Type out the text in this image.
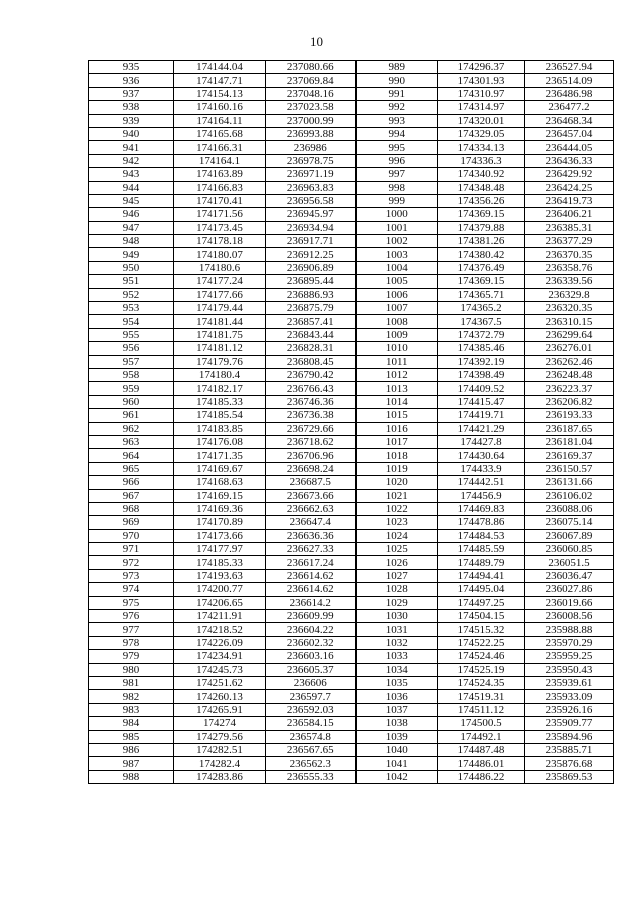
10
935	174144.04	237080.66	989	174296.37	236527.94
936	174147.71	237069.84	990	174301.93	236514.09
937	174154.13	237048.16	991	174310.97	236486.98
938	174160.16	237023.58	992	174314.97	236477.2
939	174164.11	237000.99	993	174320.01	236468.34
940	174165.68	236993.88	994	174329.05	236457.04
941	174166.31	236986	995	174334.13	236444.05
942	174164.1	236978.75	996	174336.3	236436.33
943	174163.89	236971.19	997	174340.92	236429.92
944	174166.83	236963.83	998	174348.48	236424.25
945	174170.41	236956.58	999	174356.26	236419.73
946	174171.56	236945.97	1000	174369.15	236406.21
947	174173.45	236934.94	1001	174379.88	236385.31
948	174178.18	236917.71	1002	174381.26	236377.29
949	174180.07	236912.25	1003	174380.42	236370.35
950	174180.6	236906.89	1004	174376.49	236358.76
951	174177.24	236895.44	1005	174369.15	236339.56
952	174177.66	236886.93	1006	174365.71	236329.8
953	174179.44	236875.79	1007	174365.2	236320.35
954	174181.44	236857.41	1008	174367.5	236310.15
955	174181.75	236843.44	1009	174372.79	236299.64
956	174181.12	236828.31	1010	174385.46	236276.01
957	174179.76	236808.45	1011	174392.19	236262.46
958	174180.4	236790.42	1012	174398.49	236248.48
959	174182.17	236766.43	1013	174409.52	236223.37
960	174185.33	236746.36	1014	174415.47	236206.82
961	174185.54	236736.38	1015	174419.71	236193.33
962	174183.85	236729.66	1016	174421.29	236187.65
963	174176.08	236718.62	1017	174427.8	236181.04
964	174171.35	236706.96	1018	174430.64	236169.37
965	174169.67	236698.24	1019	174433.9	236150.57
966	174168.63	236687.5	1020	174442.51	236131.66
967	174169.15	236673.66	1021	174456.9	236106.02
968	174169.36	236662.63	1022	174469.83	236088.06
969	174170.89	236647.4	1023	174478.86	236075.14
970	174173.66	236636.36	1024	174484.53	236067.89
971	174177.97	236627.33	1025	174485.59	236060.85
972	174185.33	236617.24	1026	174489.79	236051.5
973	174193.63	236614.62	1027	174494.41	236036.47
974	174200.77	236614.62	1028	174495.04	236027.86
975	174206.65	236614.2	1029	174497.25	236019.66
976	174211.91	236609.99	1030	174504.15	236008.56
977	174218.52	236604.22	1031	174515.32	235988.88
978	174226.09	236602.32	1032	174522.25	235970.29
979	174234.91	236603.16	1033	174524.46	235959.25
980	174245.73	236605.37	1034	174525.19	235950.43
981	174251.62	236606	1035	174524.35	235939.61
982	174260.13	236597.7	1036	174519.31	235933.09
983	174265.91	236592.03	1037	174511.12	235926.16
984	174274	236584.15	1038	174500.5	235909.77
985	174279.56	236574.8	1039	174492.1	235894.96
986	174282.51	236567.65	1040	174487.48	235885.71
987	174282.4	236562.3	1041	174486.01	235876.68
988	174283.86	236555.33	1042	174486.22	235869.53
